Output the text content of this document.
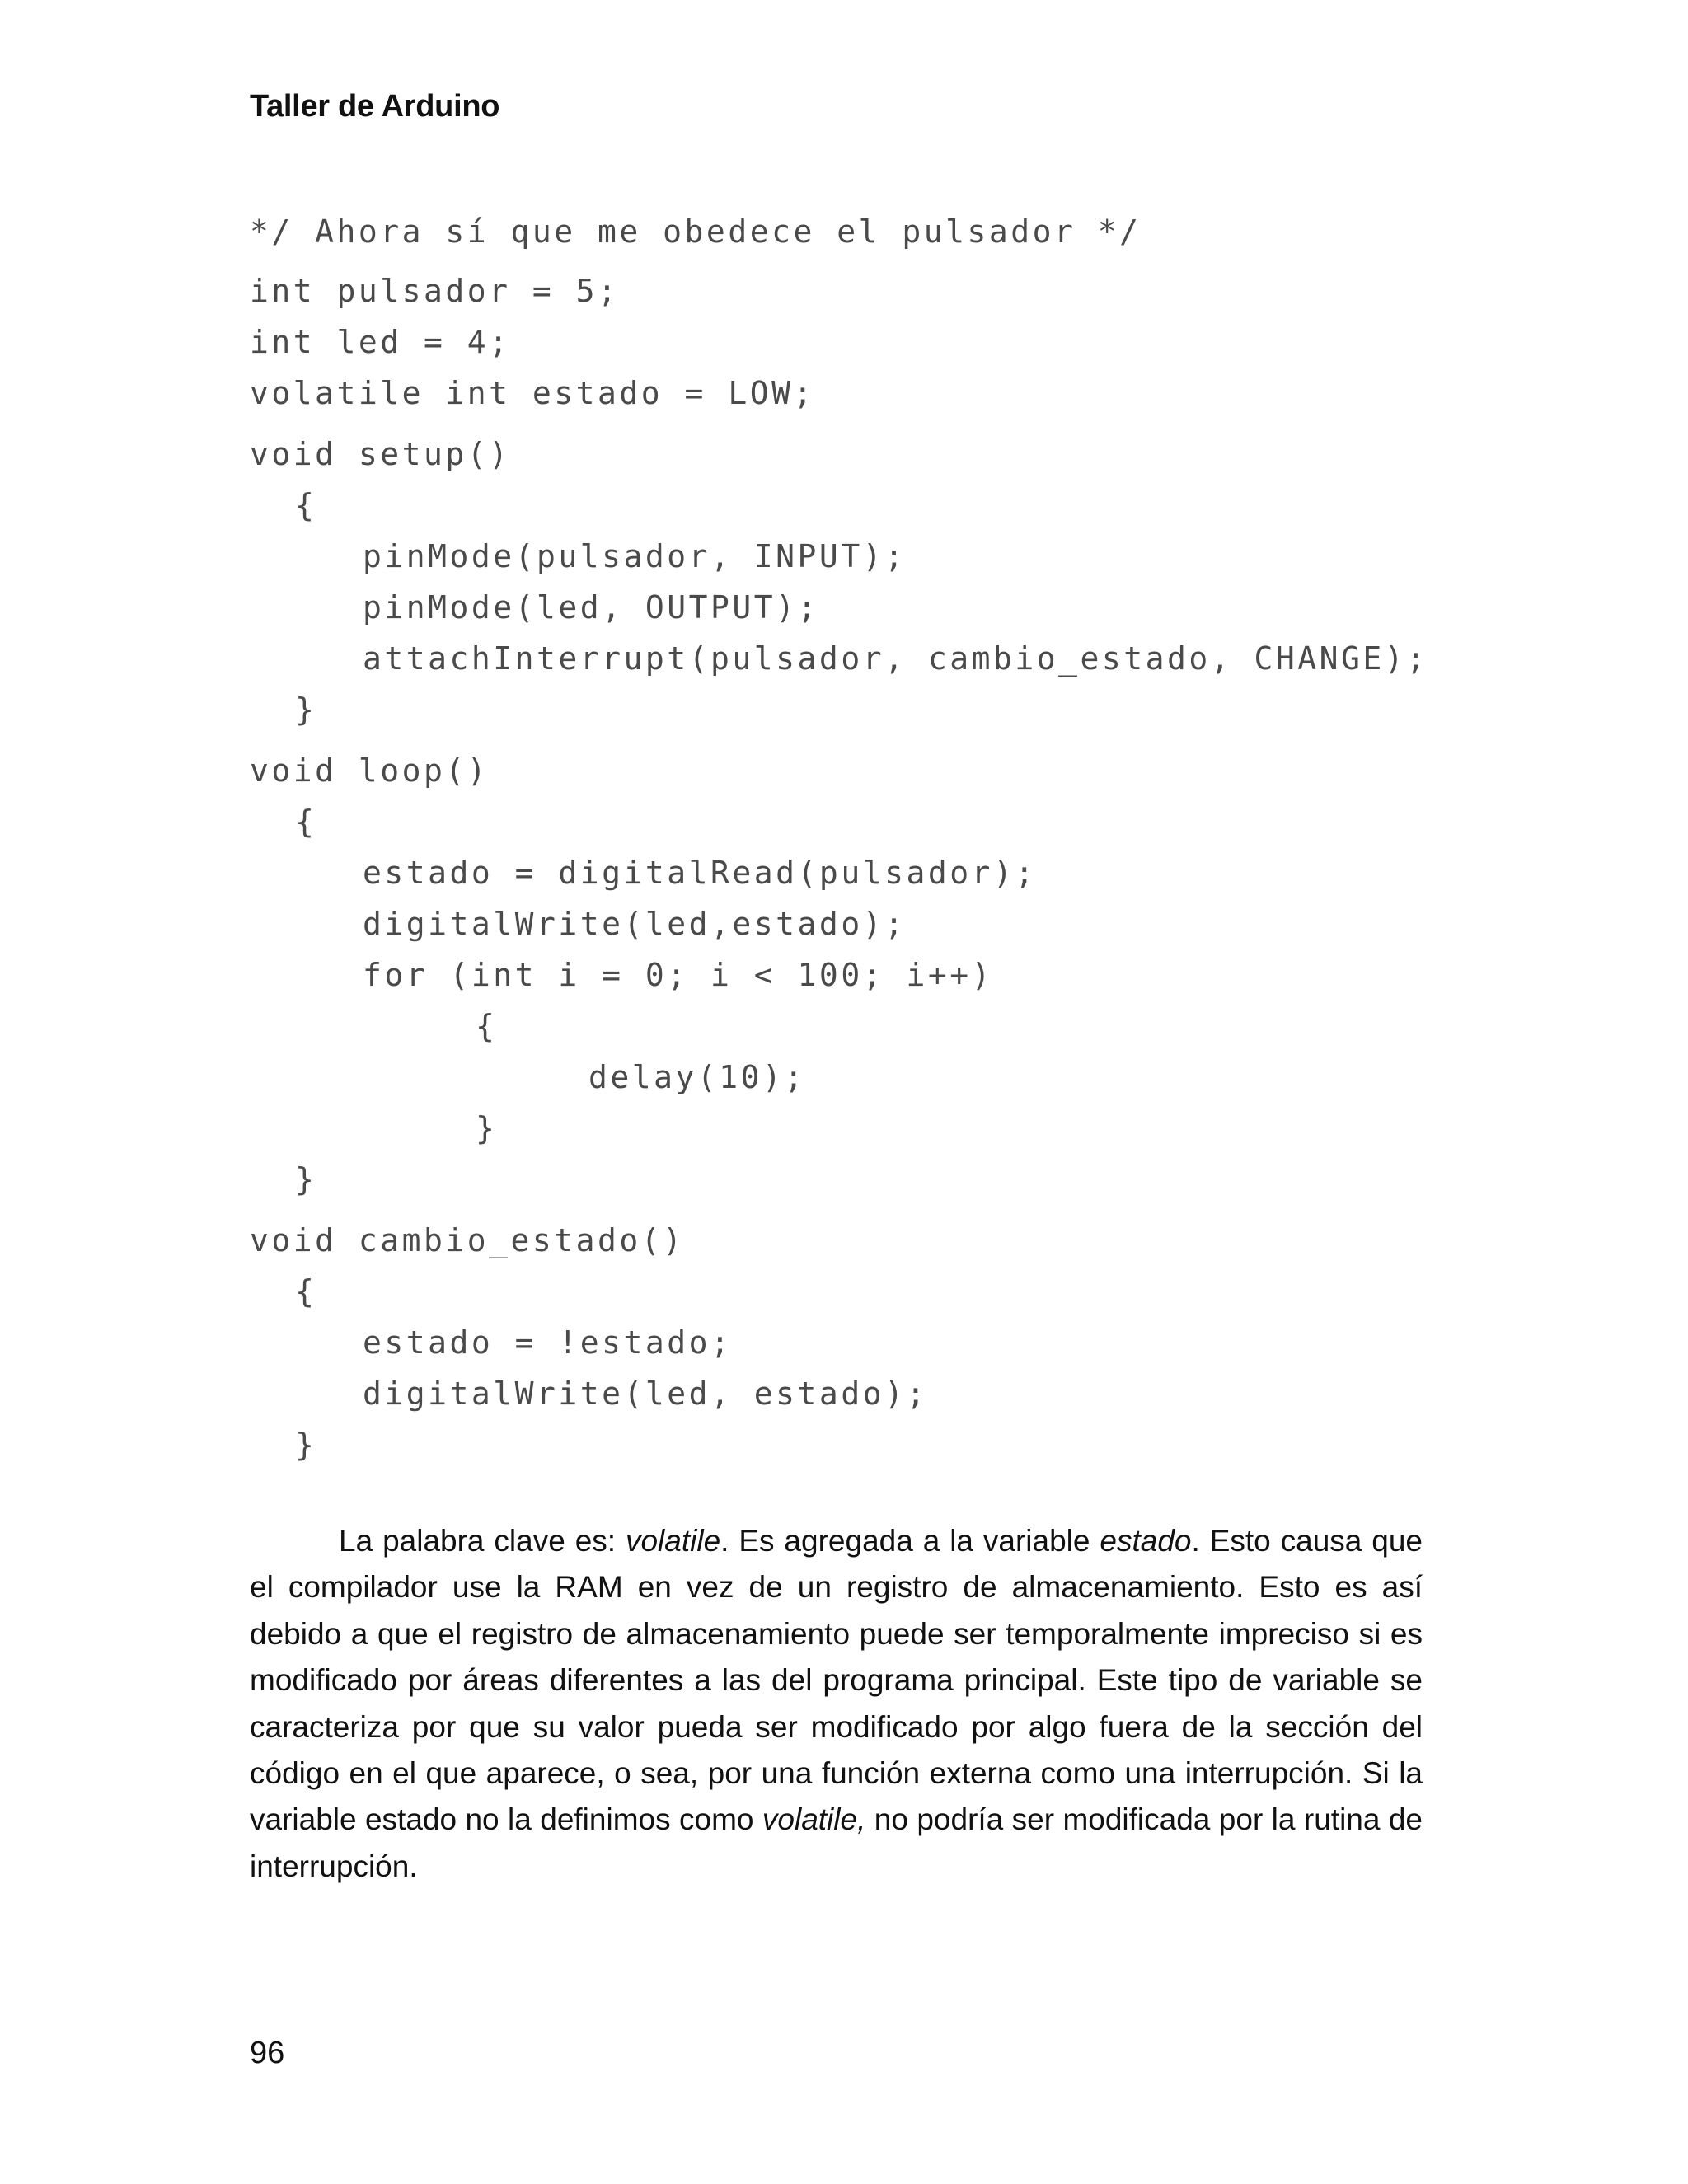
Taller de Arduino
*/ Ahora sí que me obedece el pulsador */
int pulsador = 5;
int led = 4;
volatile int estado = LOW;
void setup()
{
pinMode(pulsador, INPUT);
pinMode(led, OUTPUT);
attachInterrupt(pulsador, cambio_estado, CHANGE);
}
void loop()
{
estado = digitalRead(pulsador);
digitalWrite(led,estado);
for (int i = 0; i < 100; i++)
{
delay(10);
}
}
void cambio_estado()
{
estado = !estado;
digitalWrite(led, estado);
}

La palabra clave es: volatile. Es agregada a la variable estado. Esto causa que el compilador use la RAM en vez de un registro de almacenamiento. Esto es así debido a que el registro de almacenamiento puede ser temporalmente impreciso si es modificado por áreas diferentes a las del programa principal. Este tipo de variable se caracteriza por que su valor pueda ser modificado por algo fuera de la sección del código en el que aparece, o sea, por una función externa como una interrupción. Si la variable estado no la definimos como volatile, no podría ser modificada por la rutina de interrupción.

96
